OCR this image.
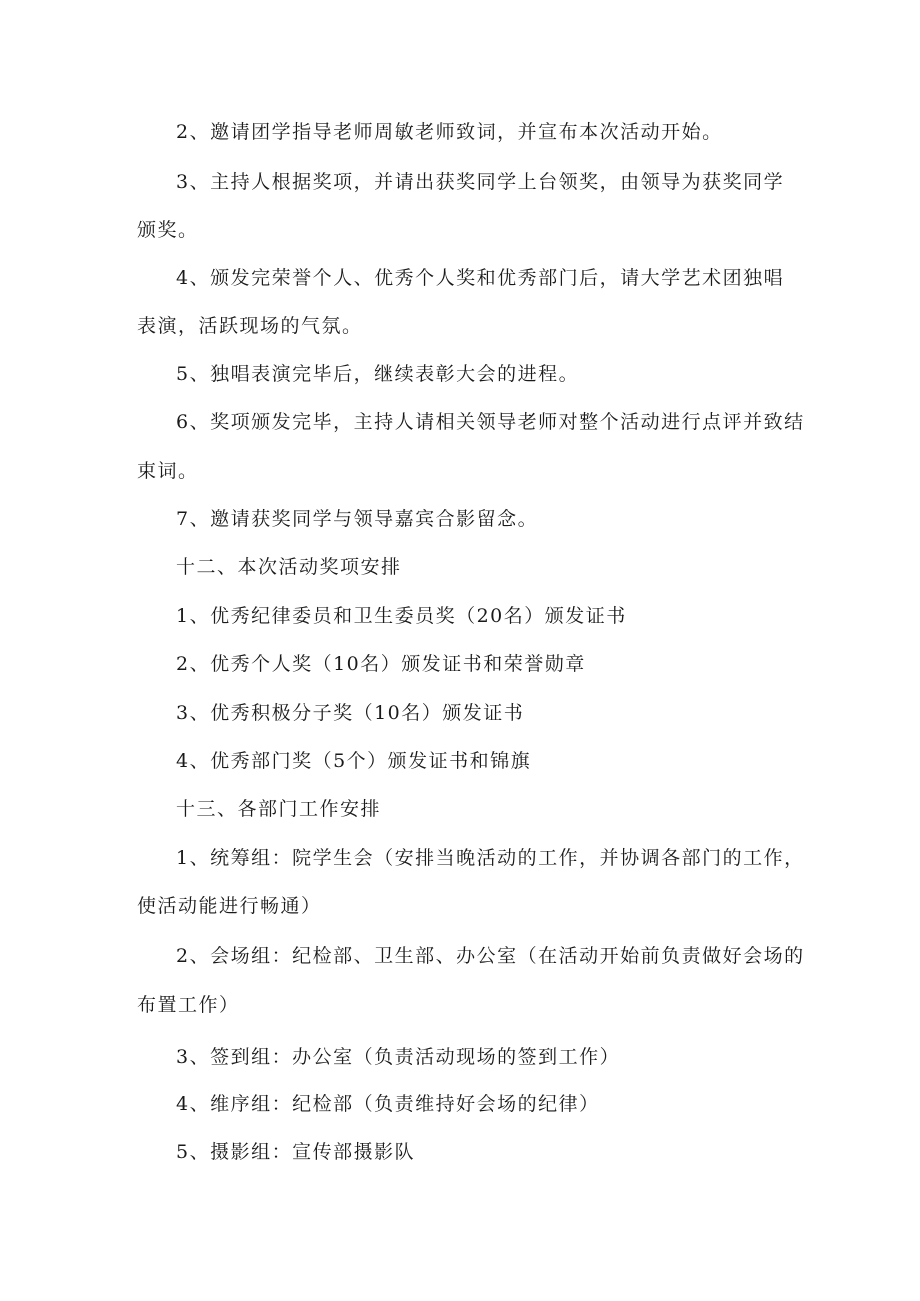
2、邀请团学指导老师周敏老师致词，并宣布本次活动开始。
3、主持人根据奖项，并请出获奖同学上台领奖，由领导为获奖同学
颁奖。
4、颁发完荣誉个人、优秀个人奖和优秀部门后，请大学艺术团独唱
表演，活跃现场的气氛。
5、独唱表演完毕后，继续表彰大会的进程。
6、奖项颁发完毕，主持人请相关领导老师对整个活动进行点评并致结
束词。
7、邀请获奖同学与领导嘉宾合影留念。
十二、本次活动奖项安排
1、优秀纪律委员和卫生委员奖（20名）颁发证书
2、优秀个人奖（10名）颁发证书和荣誉勋章
3、优秀积极分子奖（10名）颁发证书
4、优秀部门奖（5个）颁发证书和锦旗
十三、各部门工作安排
1、统筹组：院学生会（安排当晚活动的工作，并协调各部门的工作，
使活动能进行畅通）
2、会场组：纪检部、卫生部、办公室（在活动开始前负责做好会场的
布置工作）
3、签到组：办公室（负责活动现场的签到工作）
4、维序组：纪检部（负责维持好会场的纪律）
5、摄影组：宣传部摄影队
